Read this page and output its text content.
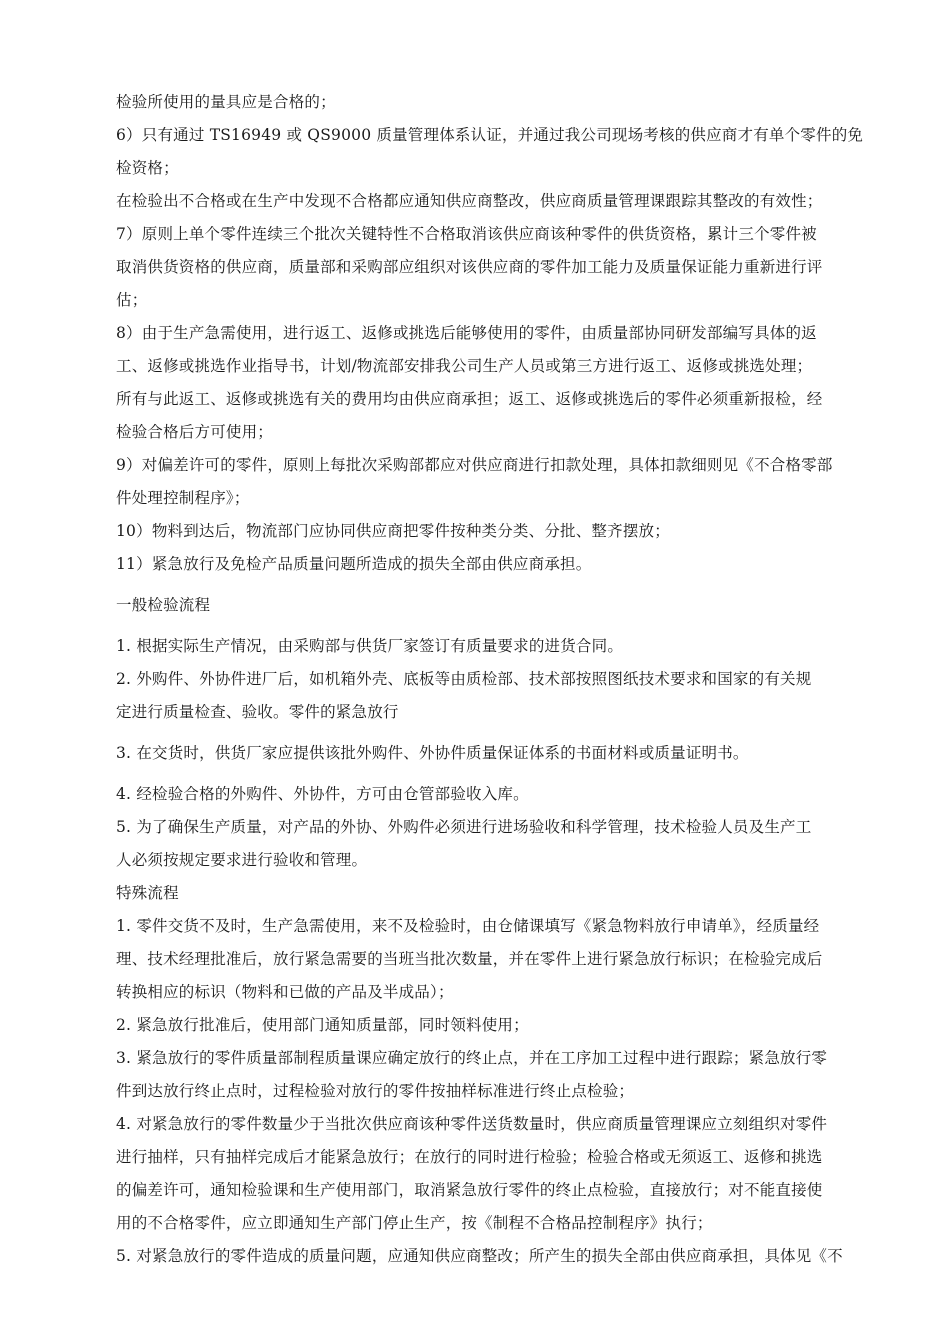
检验所使用的量具应是合格的；
6）只有通过 TS16949 或 QS9000 质量管理体系认证，并通过我公司现场考核的供应商才有单个零件的免
检资格；
在检验出不合格或在生产中发现不合格都应通知供应商整改，供应商质量管理课跟踪其整改的有效性；
7）原则上单个零件连续三个批次关键特性不合格取消该供应商该种零件的供货资格，累计三个零件被
取消供货资格的供应商，质量部和采购部应组织对该供应商的零件加工能力及质量保证能力重新进行评
估；
8）由于生产急需使用，进行返工、返修或挑选后能够使用的零件，由质量部协同研发部编写具体的返
工、返修或挑选作业指导书，计划/物流部安排我公司生产人员或第三方进行返工、返修或挑选处理；
所有与此返工、返修或挑选有关的费用均由供应商承担；返工、返修或挑选后的零件必须重新报检，经
检验合格后方可使用；
9）对偏差许可的零件，原则上每批次采购部都应对供应商进行扣款处理，具体扣款细则见《不合格零部
件处理控制程序》；
10）物料到达后，物流部门应协同供应商把零件按种类分类、分批、整齐摆放；
11）紧急放行及免检产品质量问题所造成的损失全部由供应商承担。
一般检验流程
1. 根据实际生产情况，由采购部与供货厂家签订有质量要求的进货合同。
2. 外购件、外协件进厂后，如机箱外壳、底板等由质检部、技术部按照图纸技术要求和国家的有关规
定进行质量检查、验收。零件的紧急放行
3. 在交货时，供货厂家应提供该批外购件、外协件质量保证体系的书面材料或质量证明书。
4. 经检验合格的外购件、外协件，方可由仓管部验收入库。
5. 为了确保生产质量，对产品的外协、外购件必须进行进场验收和科学管理，技术检验人员及生产工
人必须按规定要求进行验收和管理。
特殊流程
1. 零件交货不及时，生产急需使用，来不及检验时，由仓储课填写《紧急物料放行申请单》，经质量经
理、技术经理批准后，放行紧急需要的当班当批次数量，并在零件上进行紧急放行标识；在检验完成后
转换相应的标识（物料和已做的产品及半成品）；
2. 紧急放行批准后，使用部门通知质量部，同时领料使用；
3. 紧急放行的零件质量部制程质量课应确定放行的终止点，并在工序加工过程中进行跟踪；紧急放行零
件到达放行终止点时，过程检验对放行的零件按抽样标准进行终止点检验；
4. 对紧急放行的零件数量少于当批次供应商该种零件送货数量时，供应商质量管理课应立刻组织对零件
进行抽样，只有抽样完成后才能紧急放行；在放行的同时进行检验；检验合格或无须返工、返修和挑选
的偏差许可，通知检验课和生产使用部门，取消紧急放行零件的终止点检验，直接放行；对不能直接使
用的不合格零件，应立即通知生产部门停止生产，按《制程不合格品控制程序》执行；
5. 对紧急放行的零件造成的质量问题，应通知供应商整改；所产生的损失全部由供应商承担，具体见《不
